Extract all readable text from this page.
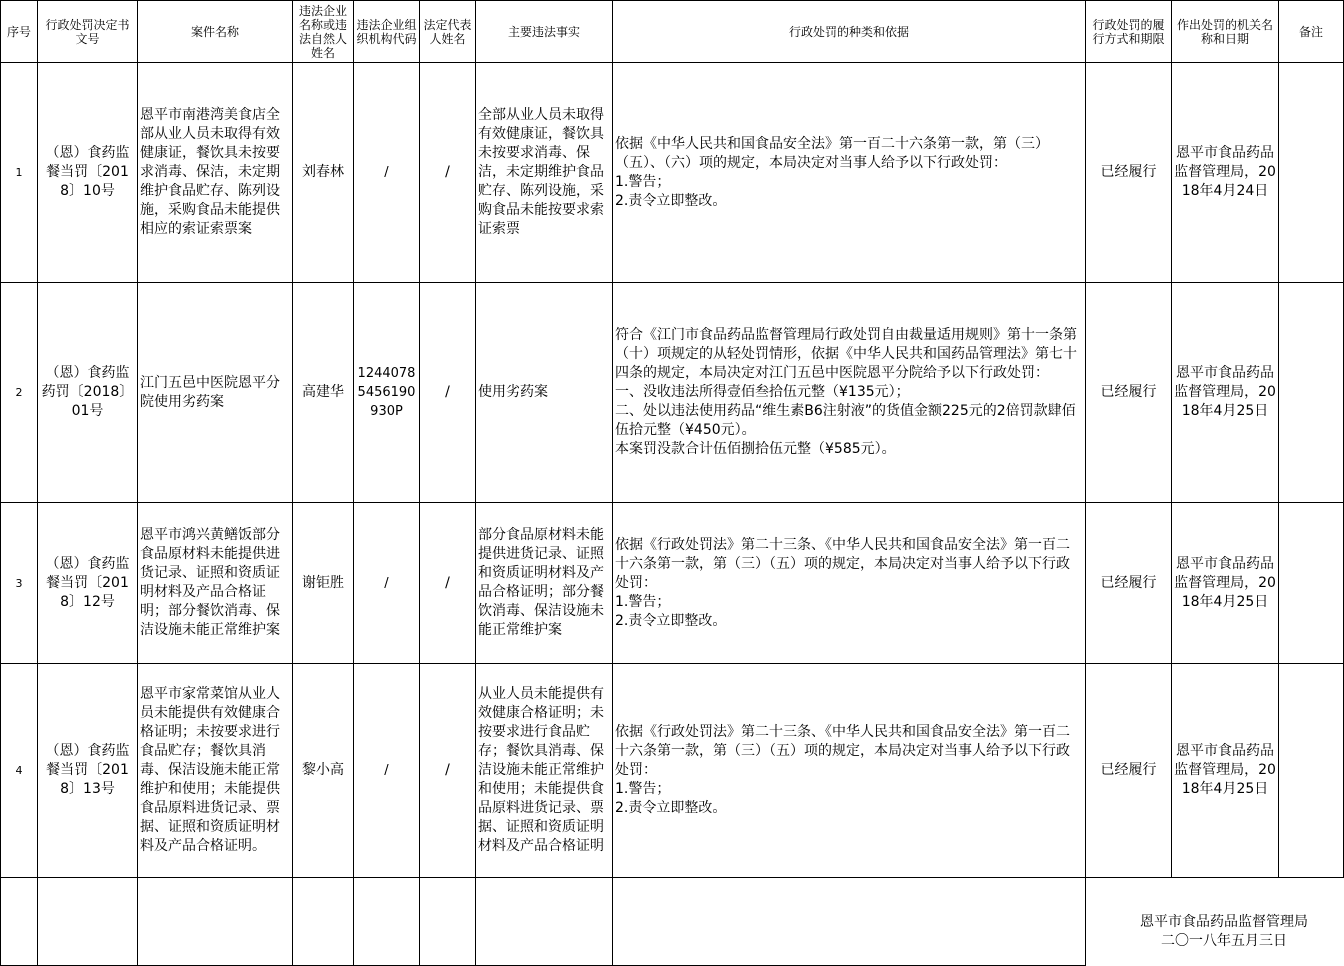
序号	行政处罚决定书文号	案件名称	违法企业名称或违法自然人姓名	违法企业组织机构代码	法定代表人姓名	主要违法事实	行政处罚的种类和依据	行政处罚的履行方式和期限	作出处罚的机关名称和日期	备注
1	（恩）食药监餐当罚〔2018〕10号	恩平市南港湾美食店全部从业人员未取得有效健康证，餐饮具未按要求消毒、保洁，未定期维护食品贮存、陈列设施，采购食品未能提供相应的索证索票案	刘春林	/	/	全部从业人员未取得有效健康证，餐饮具未按要求消毒、保洁，未定期维护食品贮存、陈列设施，采购食品未能按要求索证索票	依据《中华人民共和国食品安全法》第一百二十六条第一款，第（三）（五）、（六）项的规定，本局决定对当事人给予以下行政处罚：
1.警告；
2.责令立即整改。	已经履行	恩平市食品药品监督管理局，2018年4月24日	
2	（恩）食药监药罚〔2018〕01号	江门五邑中医院恩平分院使用劣药案	高建华	12440785456190930P	/	使用劣药案	符合《江门市食品药品监督管理局行政处罚自由裁量适用规则》第十一条第（十）项规定的从轻处罚情形，依据《中华人民共和国药品管理法》第七十四条的规定，本局决定对江门五邑中医院恩平分院给予以下行政处罚：
一、没收违法所得壹佰叁拾伍元整（¥135元）；
二、处以违法使用药品“维生素B6注射液”的货值金额225元的2倍罚款肆佰伍拾元整（¥450元）。
本案罚没款合计伍佰捌拾伍元整（¥585元）。	已经履行	恩平市食品药品监督管理局，2018年4月25日	
3	（恩）食药监餐当罚〔2018〕12号	恩平市鸿兴黄鳝饭部分食品原材料未能提供进货记录、证照和资质证明材料及产品合格证明；部分餐饮消毒、保洁设施未能正常维护案	谢钜胜	/	/	部分食品原材料未能提供进货记录、证照和资质证明材料及产品合格证明；部分餐饮消毒、保洁设施未能正常维护案	依据《行政处罚法》第二十三条、《中华人民共和国食品安全法》第一百二十六条第一款，第（三）（五）项的规定，本局决定对当事人给予以下行政处罚：
1.警告；
2.责令立即整改。	已经履行	恩平市食品药品监督管理局，2018年4月25日	
4	（恩）食药监餐当罚〔2018〕13号	恩平市家常菜馆从业人员未能提供有效健康合格证明；未按要求进行食品贮存；餐饮具消毒、保洁设施未能正常维护和使用；未能提供食品原料进货记录、票据、证照和资质证明材料及产品合格证明。	黎小高	/	/	从业人员未能提供有效健康合格证明；未按要求进行食品贮存；餐饮具消毒、保洁设施未能正常维护和使用；未能提供食品原料进货记录、票据、证照和资质证明材料及产品合格证明	依据《行政处罚法》第二十三条、《中华人民共和国食品安全法》第一百二十六条第一款，第（三）（五）项的规定，本局决定对当事人给予以下行政处罚：
1.警告；
2.责令立即整改。	已经履行	恩平市食品药品监督管理局，2018年4月25日	

恩平市食品药品监督管理局
二〇一八年五月三日
